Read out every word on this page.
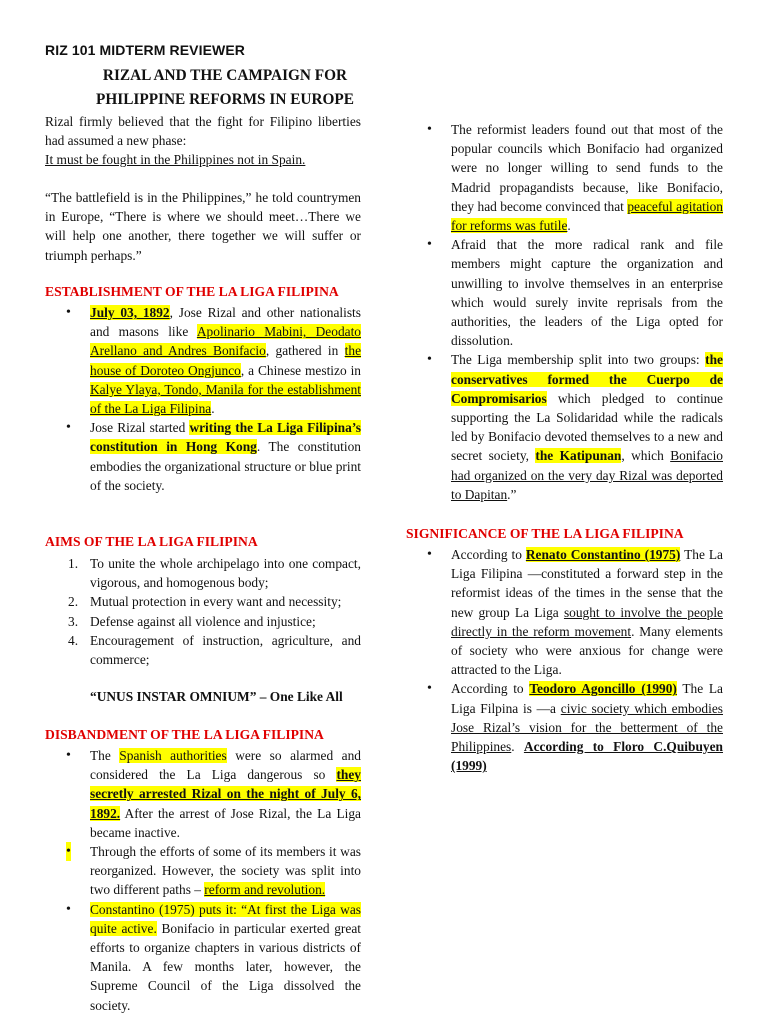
RIZ 101 MIDTERM REVIEWER
RIZAL AND THE CAMPAIGN FOR
PHILIPPINE REFORMS IN EUROPE

Rizal firmly believed that the fight for Filipino liberties had assumed a new phase:
It must be fought in the Philippines not in Spain.

“The battlefield is in the Philippines,” he told countrymen in Europe, “There is where we should meet…There we will help one another, there together we will suffer or triumph perhaps.”

ESTABLISHMENT OF THE LA LIGA FILIPINA
• July 03, 1892, Jose Rizal and other nationalists and masons like Apolinario Mabini, Deodato Arellano and Andres Bonifacio, gathered in the house of Doroteo Ongjunco, a Chinese mestizo in Kalye Ylaya, Tondo, Manila for the establishment of the La Liga Filipina.
• Jose Rizal started writing the La Liga Filipina’s constitution in Hong Kong. The constitution embodies the organizational structure or blue print of the society.
AIMS OF THE LA LIGA FILIPINA
1. To unite the whole archipelago into one compact, vigorous, and homogenous body;
2. Mutual protection in every want and necessity;
3. Defense against all violence and injustice;
4. Encouragement of instruction, agriculture, and commerce;
“UNUS INSTAR OMNIUM” – One Like All
DISBANDMENT OF THE LA LIGA FILIPINA
• The Spanish authorities were so alarmed and considered the La Liga dangerous so they secretly arrested Rizal on the night of July 6, 1892. After the arrest of Jose Rizal, the La Liga became inactive.
• Through the efforts of some of its members it was reorganized. However, the society was split into two different paths – reform and revolution.
• Constantino (1975) puts it: “At first the Liga was quite active. Bonifacio in particular exerted great efforts to organize chapters in various districts of Manila. A few months later, however, the Supreme Council of the Liga dissolved the society.
• The reformist leaders found out that most of the popular councils which Bonifacio had organized were no longer willing to send funds to the Madrid propagandists because, like Bonifacio, they had become convinced that peaceful agitation for reforms was futile.
• Afraid that the more radical rank and file members might capture the organization and unwilling to involve themselves in an enterprise which would surely invite reprisals from the authorities, the leaders of the Liga opted for dissolution.
• The Liga membership split into two groups: the conservatives formed the Cuerpo de Compromisarios which pledged to continue supporting the La Solidaridad while the radicals led by Bonifacio devoted themselves to a new and secret society, the Katipunan, which Bonifacio had organized on the very day Rizal was deported to Dapitan.”
SIGNIFICANCE OF THE LA LIGA FILIPINA
• According to Renato Constantino (1975) The La Liga Filipina —constituted a forward step in the reformist ideas of the times in the sense that the new group La Liga sought to involve the people directly in the reform movement. Many elements of society who were anxious for change were attracted to the Liga.
• According to Teodoro Agoncillo (1990) The La Liga Filpina is —a civic society which embodies Jose Rizal’s vision for the betterment of the Philippines. According to Floro C.Quibuyen (1999)
